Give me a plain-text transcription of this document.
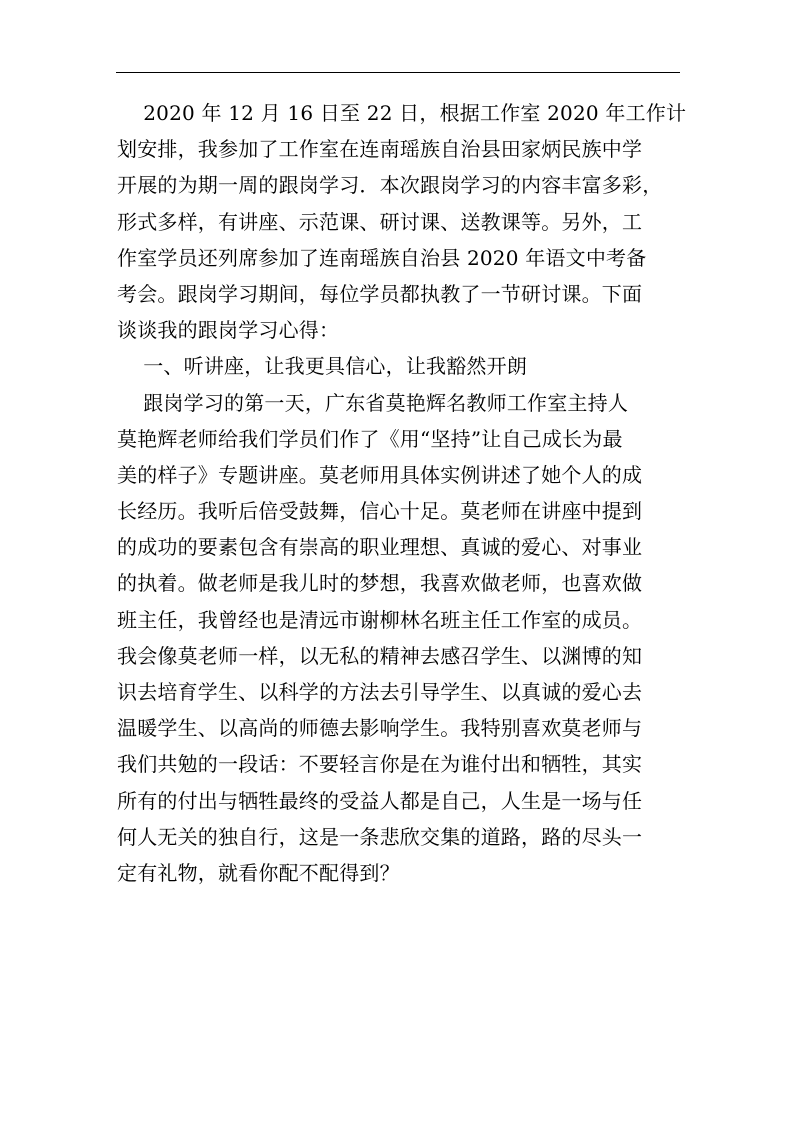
2020 年 12 月 16 日至 22 日，根据工作室 2020 年工作计
划安排，我参加了工作室在连南瑶族自治县田家炳民族中学
开展的为期一周的跟岗学习．本次跟岗学习的内容丰富多彩，
形式多样，有讲座、示范课、研讨课、送教课等。另外，工
作室学员还列席参加了连南瑶族自治县 2020 年语文中考备
考会。跟岗学习期间，每位学员都执教了一节研讨课。下面
谈谈我的跟岗学习心得：
一、听讲座，让我更具信心，让我豁然开朗
跟岗学习的第一天，广东省莫艳辉名教师工作室主持人
莫艳辉老师给我们学员们作了《用“坚持”让自己成长为最
美的样子》专题讲座。莫老师用具体实例讲述了她个人的成
长经历。我听后倍受鼓舞，信心十足。莫老师在讲座中提到
的成功的要素包含有崇高的职业理想、真诚的爱心、对事业
的执着。做老师是我儿时的梦想，我喜欢做老师，也喜欢做
班主任，我曾经也是清远市谢柳林名班主任工作室的成员。
我会像莫老师一样，以无私的精神去感召学生、以渊博的知
识去培育学生、以科学的方法去引导学生、以真诚的爱心去
温暖学生、以高尚的师德去影响学生。我特别喜欢莫老师与
我们共勉的一段话：不要轻言你是在为谁付出和牺牲，其实
所有的付出与牺牲最终的受益人都是自己，人生是一场与任
何人无关的独自行，这是一条悲欣交集的道路，路的尽头一
定有礼物，就看你配不配得到？
